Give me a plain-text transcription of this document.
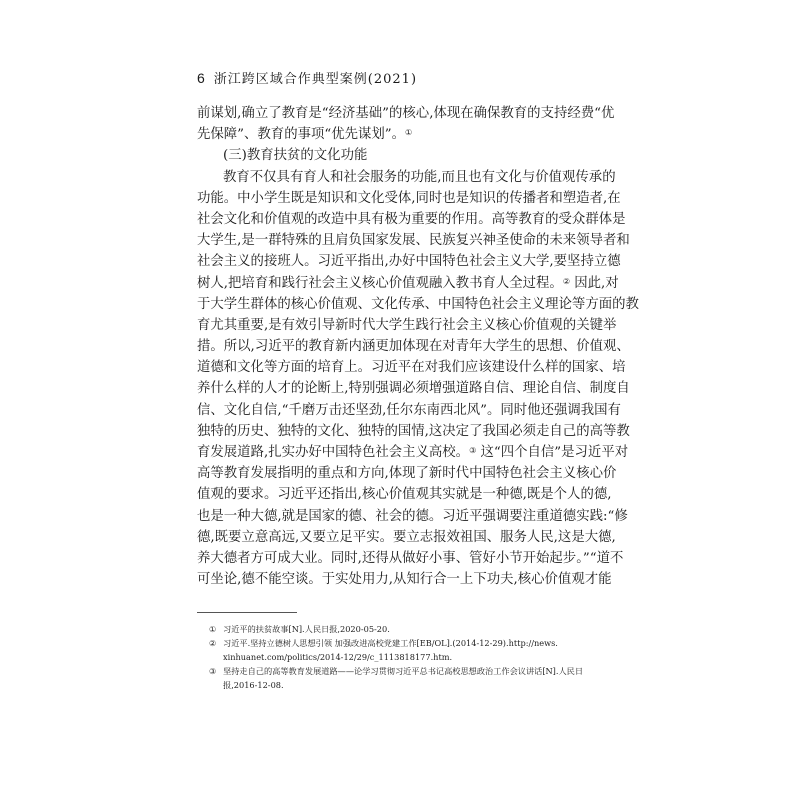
6 浙江跨区域合作典型案例(2021)
前谋划,确立了教育是“经济基础”的核心,体现在确保教育的支持经费“优
先保障”、教育的事项“优先谋划”。①
(三)教育扶贫的文化功能
教育不仅具有育人和社会服务的功能,而且也有文化与价值观传承的
功能。中小学生既是知识和文化受体,同时也是知识的传播者和塑造者,在
社会文化和价值观的改造中具有极为重要的作用。高等教育的受众群体是
大学生,是一群特殊的且肩负国家发展、民族复兴神圣使命的未来领导者和
社会主义的接班人。习近平指出,办好中国特色社会主义大学,要坚持立德
树人,把培育和践行社会主义核心价值观融入教书育人全过程。② 因此,对
于大学生群体的核心价值观、文化传承、中国特色社会主义理论等方面的教
育尤其重要,是有效引导新时代大学生践行社会主义核心价值观的关键举
措。所以,习近平的教育新内涵更加体现在对青年大学生的思想、价值观、
道德和文化等方面的培育上。习近平在对我们应该建设什么样的国家、培
养什么样的人才的论断上,特别强调必须增强道路自信、理论自信、制度自
信、文化自信,“千磨万击还坚劲,任尔东南西北风”。同时他还强调我国有
独特的历史、独特的文化、独特的国情,这决定了我国必须走自己的高等教
育发展道路,扎实办好中国特色社会主义高校。③ 这“四个自信”是习近平对
高等教育发展指明的重点和方向,体现了新时代中国特色社会主义核心价
值观的要求。习近平还指出,核心价值观其实就是一种德,既是个人的德,
也是一种大德,就是国家的德、社会的德。习近平强调要注重道德实践:“修
德,既要立意高远,又要立足平实。要立志报效祖国、服务人民,这是大德,
养大德者方可成大业。同时,还得从做好小事、管好小节开始起步。”“道不
可坐论,德不能空谈。于实处用力,从知行合一上下功夫,核心价值观才能
① 习近平的扶贫故事[N].人民日报,2020-05-20.
② 习近平.坚持立德树人思想引领 加强改进高校党建工作[EB/OL].(2014-12-29).http://news.
xinhuanet.com/politics/2014-12/29/c_1113818177.htm.
③ 坚持走自己的高等教育发展道路——论学习贯彻习近平总书记高校思想政治工作会议讲话[N].人民日
报,2016-12-08.
